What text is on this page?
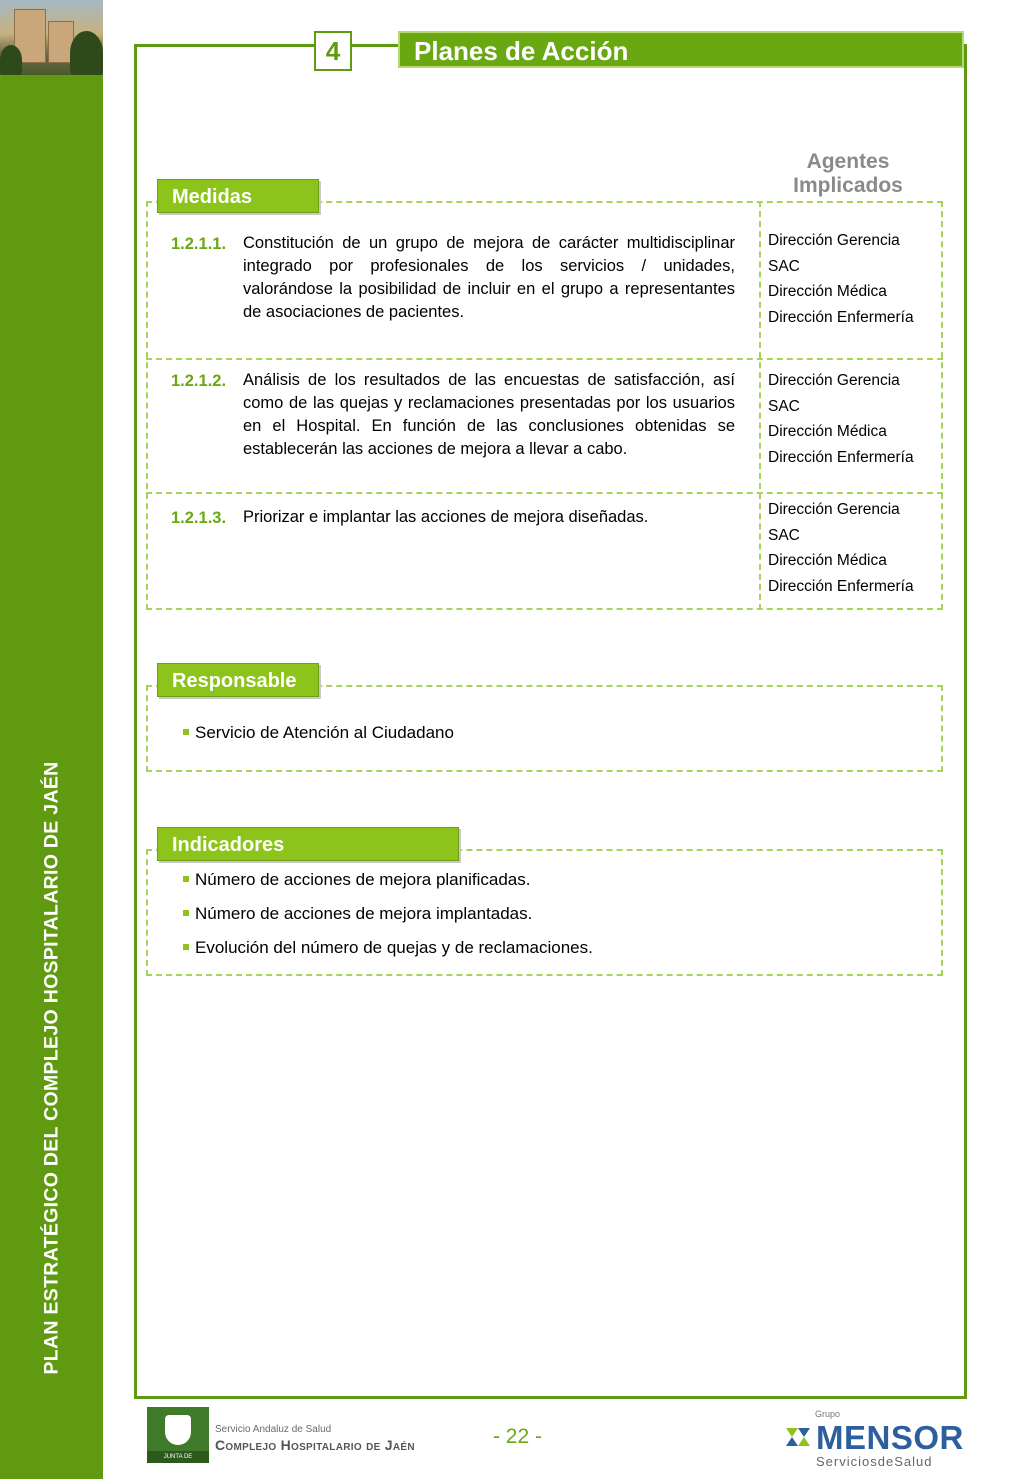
PLAN ESTRATÉGICO DEL COMPLEJO HOSPITALARIO DE JAÉN
4	Planes de Acción
Medidas
Agentes
Implicados
1.2.1.1. Constitución de un grupo de mejora de carácter multidisciplinar integrado por profesionales de los servicios / unidades, valorándose la posibilidad de incluir en el grupo a representantes de asociaciones de pacientes.
Dirección Gerencia
SAC
Dirección Médica
Dirección Enfermería
1.2.1.2. Análisis de los resultados de las encuestas de satisfacción, así como de las quejas y reclamaciones presentadas por los usuarios en el Hospital. En función de las conclusiones obtenidas se establecerán las acciones de mejora a llevar a cabo.
Dirección Gerencia
SAC
Dirección Médica
Dirección Enfermería
1.2.1.3. Priorizar e implantar las acciones de mejora diseñadas.	Dirección Gerencia
SAC
Dirección Médica
Dirección Enfermería
Responsable
Servicio de Atención al Ciudadano
Indicadores
Número de acciones de mejora planificadas.
Número de acciones de mejora implantadas.
Evolución del número de quejas y de reclamaciones.
JUNTA DE ANDALUCIA
Servicio Andaluz de Salud
Complejo Hospitalario de Jaén	- 22 -
Grupo
MENSOR
ServiciosdeSalud
